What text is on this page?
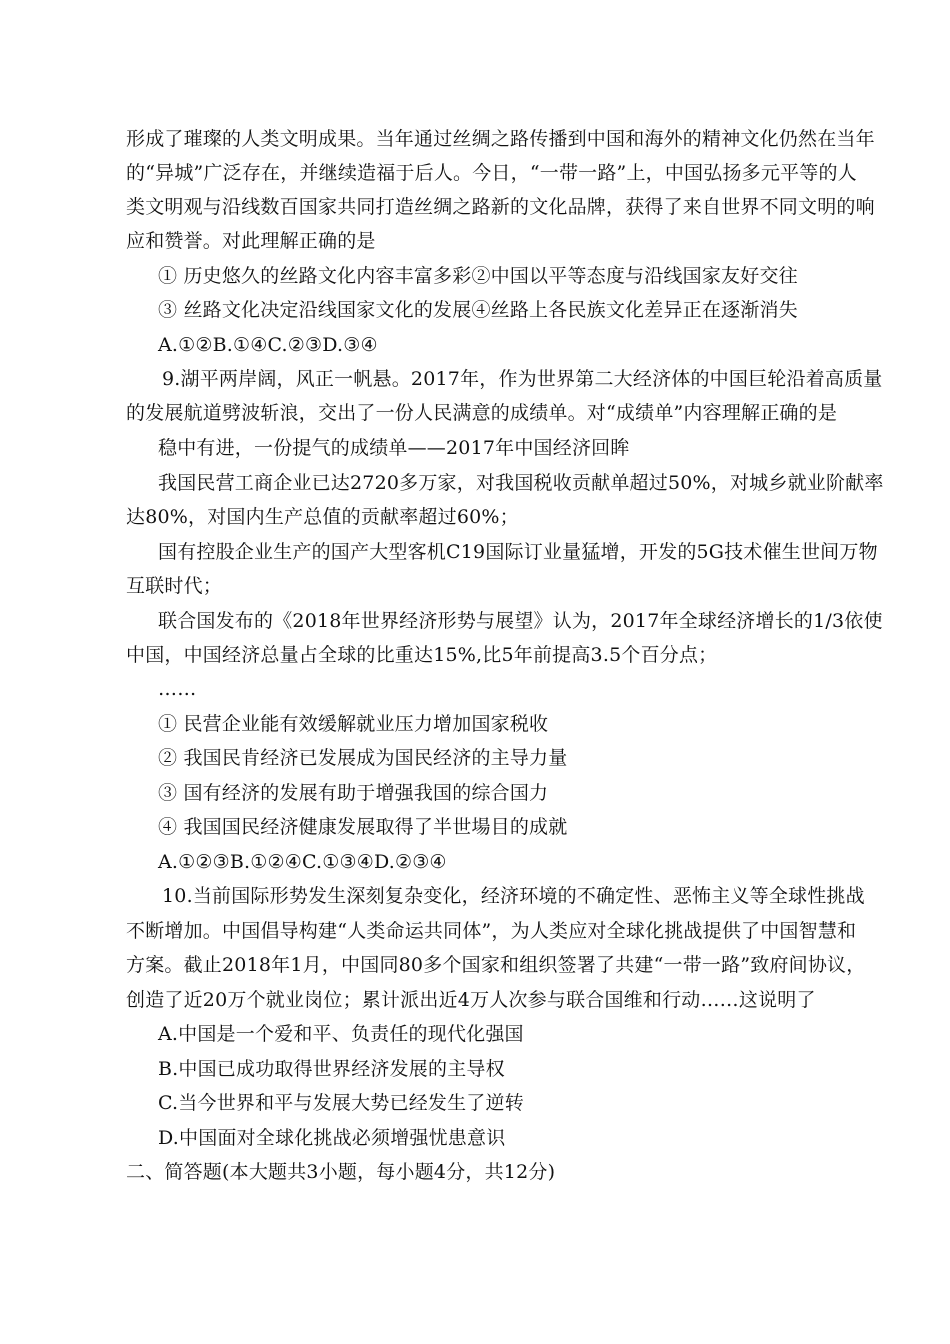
形成了璀璨的人类文明成果。当年通过丝绸之路传播到中国和海外的精神文化仍然在当年
的“异城”广泛存在，并继续造福于后人。今日，“一带一路”上，中国弘扬多元平等的人
类文明观与沿线数百国家共同打造丝绸之路新的文化品牌，获得了来自世界不同文明的响
应和赞誉。对此理解正确的是
① 历史悠久的丝路文化内容丰富多彩②中国以平等态度与沿线国家友好交往
③ 丝路文化决定沿线国家文化的发展④丝路上各民族文化差异正在逐渐消失
A.①②B.①④C.②③D.③④
9.湖平两岸阔，风正一帆悬。2017年，作为世界第二大经济体的中国巨轮沿着高质量
的发展航道劈波斩浪，交出了一份人民满意的成绩单。对“成绩单”内容理解正确的是
稳中有进，一份提气的成绩单——2017年中国经济回眸
我国民营工商企业已达2720多万家，对我国税收贡献单超过50%，对城乡就业阶献率
达80%，对国内生产总值的贡献率超过60%；
国有控股企业生产的国产大型客机C19国际订业量猛增，开发的5G技术催生世间万物
互联时代；
联合国发布的《2018年世界经济形势与展望》认为，2017年全球经济增长的1/3依使
中国，中国经济总量占全球的比重达15%,比5年前提高3.5个百分点；
……
① 民营企业能有效缓解就业压力增加国家税收
② 我国民肯经济已发展成为国民经济的主导力量
③ 国有经济的发展有助于增强我国的综合国力
④ 我国国民经济健康发展取得了半世場目的成就
A.①②③B.①②④C.①③④D.②③④
10.当前国际形势发生深刻复杂变化，经济环境的不确定性、恶怖主义等全球性挑战
不断增加。中国倡导构建“人类命运共同体”，为人类应对全球化挑战提供了中国智慧和
方案。截止2018年1月，中国同80多个国家和组织签署了共建“一带一路”致府间协议，
创造了近20万个就业岗位；累计派出近4万人次参与联合国维和行动……这说明了
A.中国是一个爱和平、负责任的现代化强国
B.中国已成功取得世界经济发展的主导权
C.当今世界和平与发展大势已经发生了逆转
D.中国面对全球化挑战必须增强忧患意识
二、简答题(本大题共3小题，每小题4分，共12分)
